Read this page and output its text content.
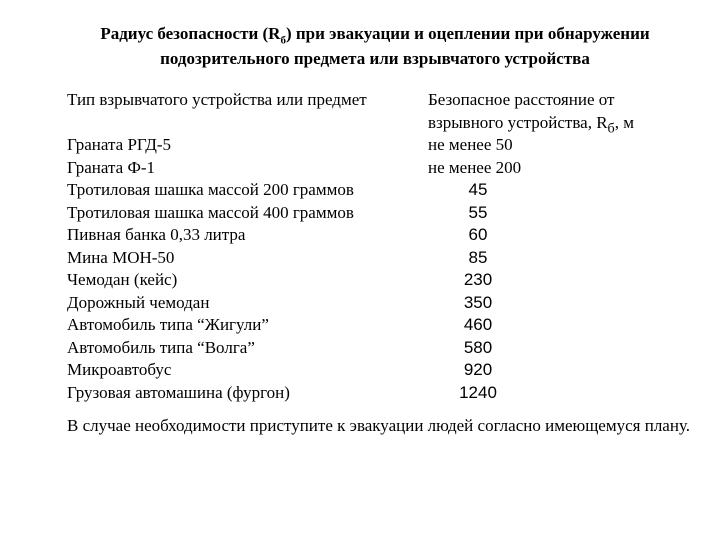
Радиус безопасности $(R_б)$ при эвакуации и оцеплении при обнаружении
подозрительного предмета или взрывчатого устройства
Тип взрывчатого устройства или предмет
Граната РГД-5
Граната Ф-1
Тротиловая шашка массой 200 граммов
Тротиловая шашка массой 400 граммов
Пивная банка 0,33 литра
Мина МОН-50
Чемодан (кейс)
Дорожный чемодан
Автомобиль типа “Жигули”
Автомобиль типа “Волга”
Микроавтобус
Грузовая автомашина (фургон)
Безопасное расстояние от
взрывного устройства, $R_б$, м
не менее 50
не менее 200
45
55
60
85
230
350
460
580
920
1240
В случае необходимости приступите к эвакуации людей согласно имеющемуся плану.
